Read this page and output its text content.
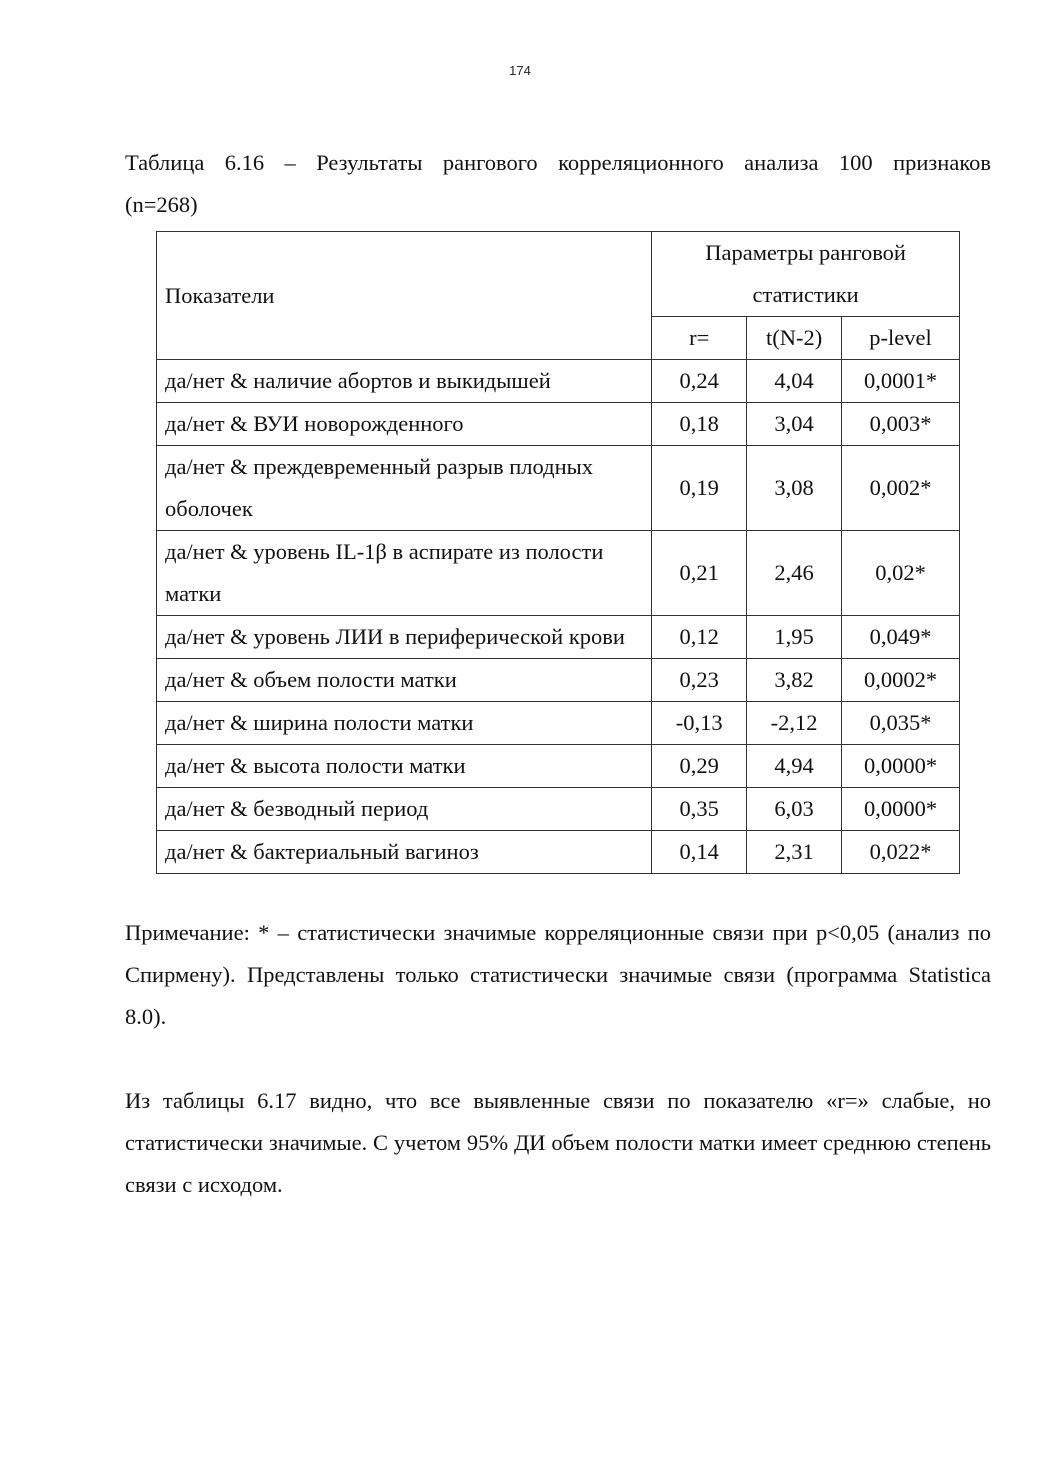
174
Таблица 6.16 – Результаты рангового корреляционного анализа 100 признаков
(n=268)
Показатели	Параметры ранговой статистики		
	r=	t(N-2)	p-level
да/нет & наличие абортов и выкидышей	0,24	4,04	0,0001*
да/нет & ВУИ новорожденного	0,18	3,04	0,003*
да/нет & преждевременный разрыв плодных оболочек	0,19	3,08	0,002*
да/нет & уровень IL-1β в аспирате из полости матки	0,21	2,46	0,02*
да/нет & уровень ЛИИ в периферической крови	0,12	1,95	0,049*
да/нет & объем полости матки	0,23	3,82	0,0002*
да/нет & ширина полости матки	-0,13	-2,12	0,035*
да/нет & высота полости матки	0,29	4,94	0,0000*
да/нет & безводный период	0,35	6,03	0,0000*
да/нет & бактериальный вагиноз	0,14	2,31	0,022*
Примечание: * – статистически значимые корреляционные связи при p<0,05 (анализ по Спирмену). Представлены только статистически значимые связи (программа Statistica 8.0).
Из таблицы 6.17 видно, что все выявленные связи по показателю «r=» слабые, но статистически значимые. С учетом 95% ДИ объем полости матки имеет среднюю степень связи с исходом.
